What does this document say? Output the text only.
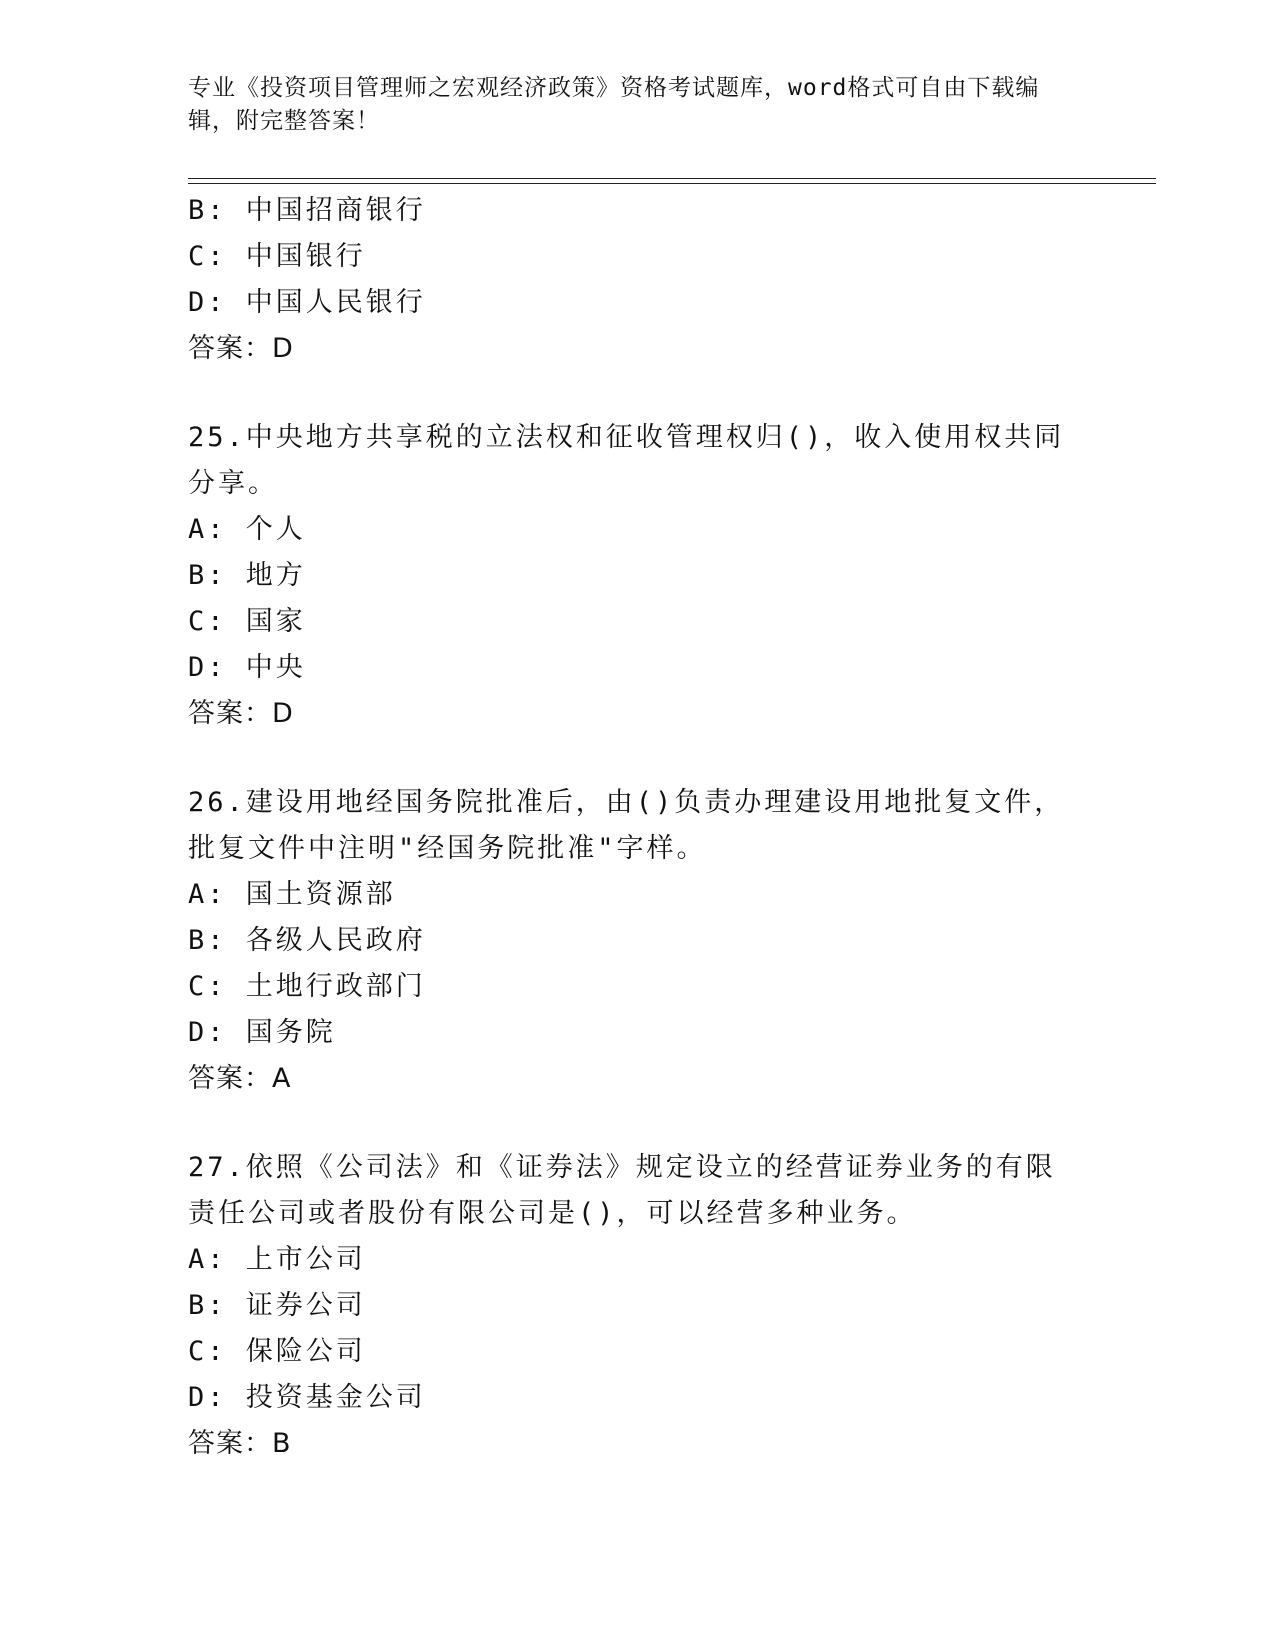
专业《投资项目管理师之宏观经济政策》资格考试题库，word格式可自由下载编辑，附完整答案！
B: 中国招商银行
C: 中国银行
D: 中国人民银行
答案：D
25.中央地方共享税的立法权和征收管理权归()，收入使用权共同分享。
A: 个人
B: 地方
C: 国家
D: 中央
答案：D
26.建设用地经国务院批准后，由()负责办理建设用地批复文件，批复文件中注明"经国务院批准"字样。
A: 国土资源部
B: 各级人民政府
C: 土地行政部门
D: 国务院
答案：A
27.依照《公司法》和《证券法》规定设立的经营证券业务的有限责任公司或者股份有限公司是()，可以经营多种业务。
A: 上市公司
B: 证券公司
C: 保险公司
D: 投资基金公司
答案：B
